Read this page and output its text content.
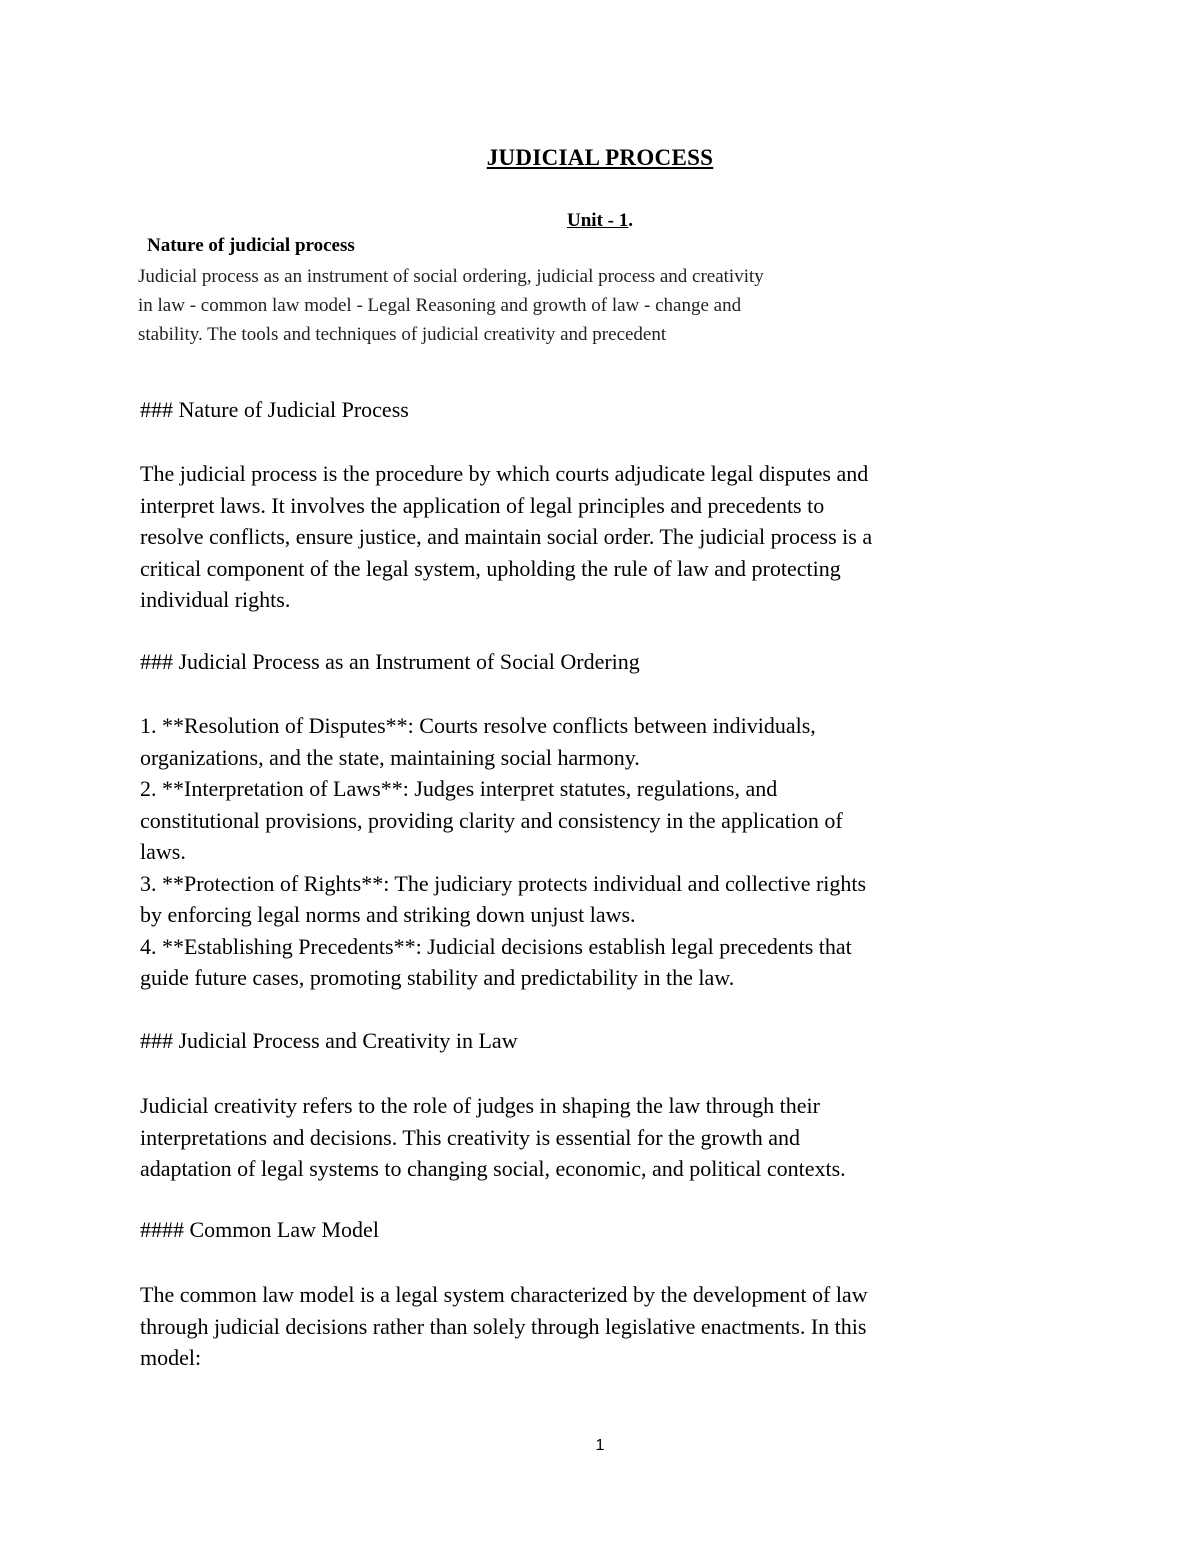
JUDICIAL PROCESS
Unit - 1.
Nature of judicial process
Judicial process as an instrument of social ordering, judicial process and creativity
in law - common law model - Legal Reasoning and growth of law - change and
stability. The tools and techniques of judicial creativity and precedent
### Nature of Judicial Process
The judicial process is the procedure by which courts adjudicate legal disputes and
interpret laws. It involves the application of legal principles and precedents to
resolve conflicts, ensure justice, and maintain social order. The judicial process is a
critical component of the legal system, upholding the rule of law and protecting
individual rights.
### Judicial Process as an Instrument of Social Ordering
1. **Resolution of Disputes**: Courts resolve conflicts between individuals,
organizations, and the state, maintaining social harmony.
2. **Interpretation of Laws**: Judges interpret statutes, regulations, and
constitutional provisions, providing clarity and consistency in the application of
laws.
3. **Protection of Rights**: The judiciary protects individual and collective rights
by enforcing legal norms and striking down unjust laws.
4. **Establishing Precedents**: Judicial decisions establish legal precedents that
guide future cases, promoting stability and predictability in the law.
### Judicial Process and Creativity in Law
Judicial creativity refers to the role of judges in shaping the law through their
interpretations and decisions. This creativity is essential for the growth and
adaptation of legal systems to changing social, economic, and political contexts.
#### Common Law Model
The common law model is a legal system characterized by the development of law
through judicial decisions rather than solely through legislative enactments. In this
model:
1
